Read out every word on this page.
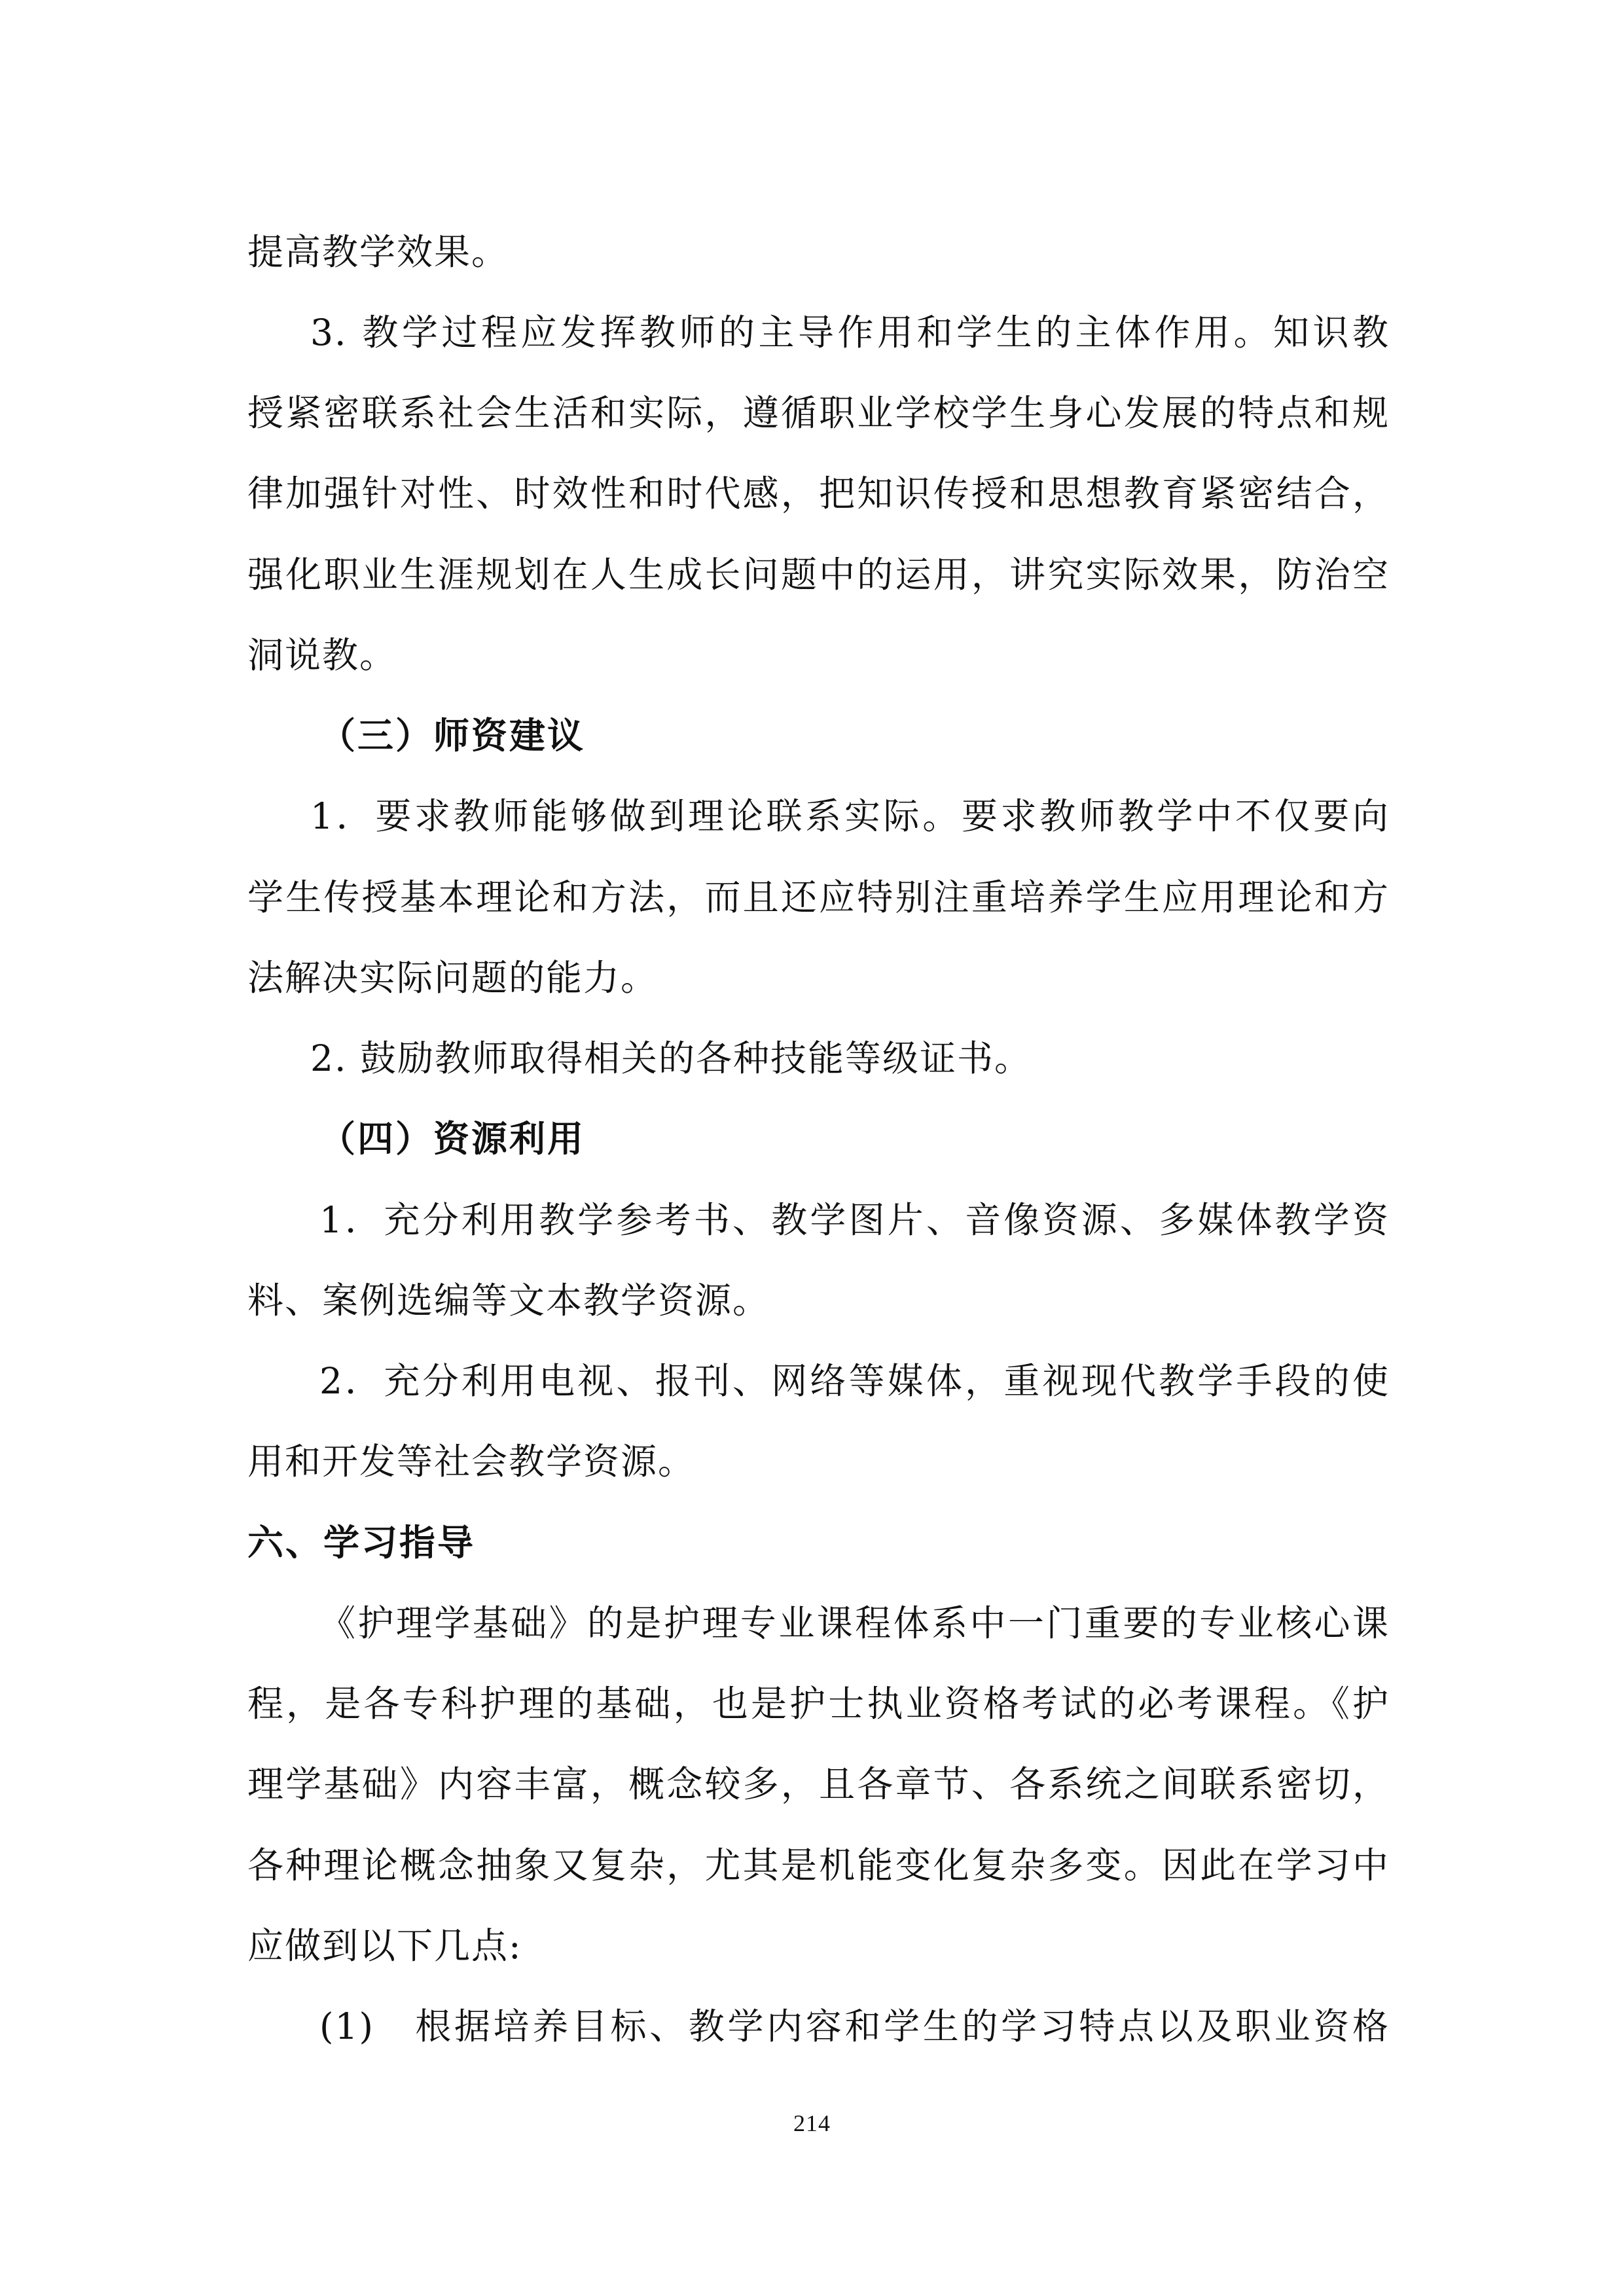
提高教学效果。
3. 教学过程应发挥教师的主导作用和学生的主体作用。知识教
授紧密联系社会生活和实际，遵循职业学校学生身心发展的特点和规
律加强针对性、时效性和时代感，把知识传授和思想教育紧密结合，
强化职业生涯规划在人生成长问题中的运用，讲究实际效果，防治空
洞说教。
（三）师资建议
1．要求教师能够做到理论联系实际。要求教师教学中不仅要向
学生传授基本理论和方法，而且还应特别注重培养学生应用理论和方
法解决实际问题的能力。
2. 鼓励教师取得相关的各种技能等级证书。
（四）资源利用
1．充分利用教学参考书、教学图片、音像资源、多媒体教学资
料、案例选编等文本教学资源。
2．充分利用电视、报刊、网络等媒体，重视现代教学手段的使
用和开发等社会教学资源。
六、学习指导
《护理学基础》的是护理专业课程体系中一门重要的专业核心课
程，是各专科护理的基础，也是护士执业资格考试的必考课程。《护
理学基础》内容丰富，概念较多，且各章节、各系统之间联系密切，
各种理论概念抽象又复杂，尤其是机能变化复杂多变。因此在学习中
应做到以下几点:
(1)　根据培养目标、教学内容和学生的学习特点以及职业资格
214
